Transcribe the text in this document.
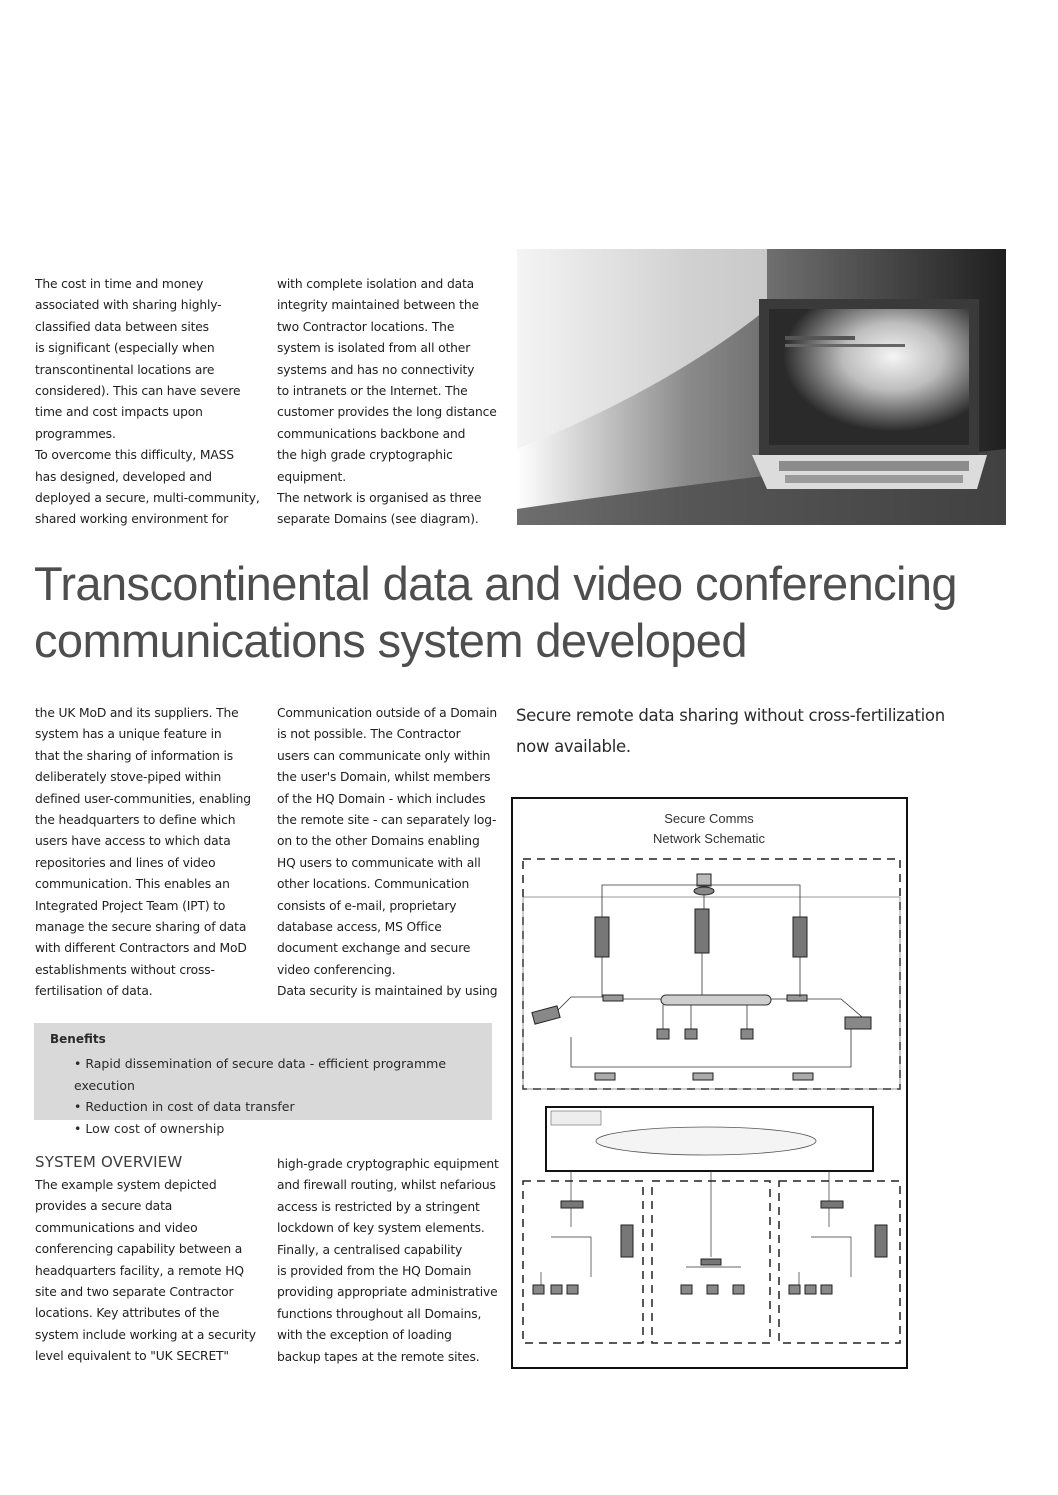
The cost in time and money
associated with sharing highly-
classified data between sites
is significant (especially when
transcontinental locations are
considered). This can have severe
time and cost impacts upon
programmes.
To overcome this difficulty, MASS
has designed, developed and
deployed a secure, multi-community,
shared working environment for
with complete isolation and data
integrity maintained between the
two Contractor locations. The
system is isolated from all other
systems and has no connectivity
to intranets or the Internet. The
customer provides the long distance
communications backbone and
the high grade cryptographic
equipment.
The network is organised as three
separate Domains (see diagram).
Transcontinental data and video conferencing communications system developed
Secure remote data sharing without cross-fertilization now available.
the UK MoD and its suppliers. The
system has a unique feature in
that the sharing of information is
deliberately stove-piped within
defined user-communities, enabling
the headquarters to define which
users have access to which data
repositories and lines of video
communication. This enables an
Integrated Project Team (IPT) to
manage the secure sharing of data
with different Contractors and MoD
establishments without cross-
fertilisation of data.
Communication outside of a Domain
is not possible. The Contractor
users can communicate only within
the user's Domain, whilst members
of the HQ Domain - which includes
the remote site - can separately log-
on to the other Domains enabling
HQ users to communicate with all
other locations. Communication
consists of e-mail, proprietary
database access, MS Office
document exchange and secure
video conferencing.
Data security is maintained by using
Benefits
• Rapid dissemination of secure data - efficient programme execution
• Reduction in cost of data transfer
• Low cost of ownership
SYSTEM OVERVIEW
The example system depicted
provides a secure data
communications and video
conferencing capability between a
headquarters facility, a remote HQ
site and two separate Contractor
locations. Key attributes of the
system include working at a security
level equivalent to "UK SECRET"
high-grade cryptographic equipment
and firewall routing, whilst nefarious
access is restricted by a stringent
lockdown of key system elements.
Finally, a centralised capability
is provided from the HQ Domain
providing appropriate administrative
functions throughout all Domains,
with the exception of loading
backup tapes at the remote sites.
Secure Comms
Network Schematic
